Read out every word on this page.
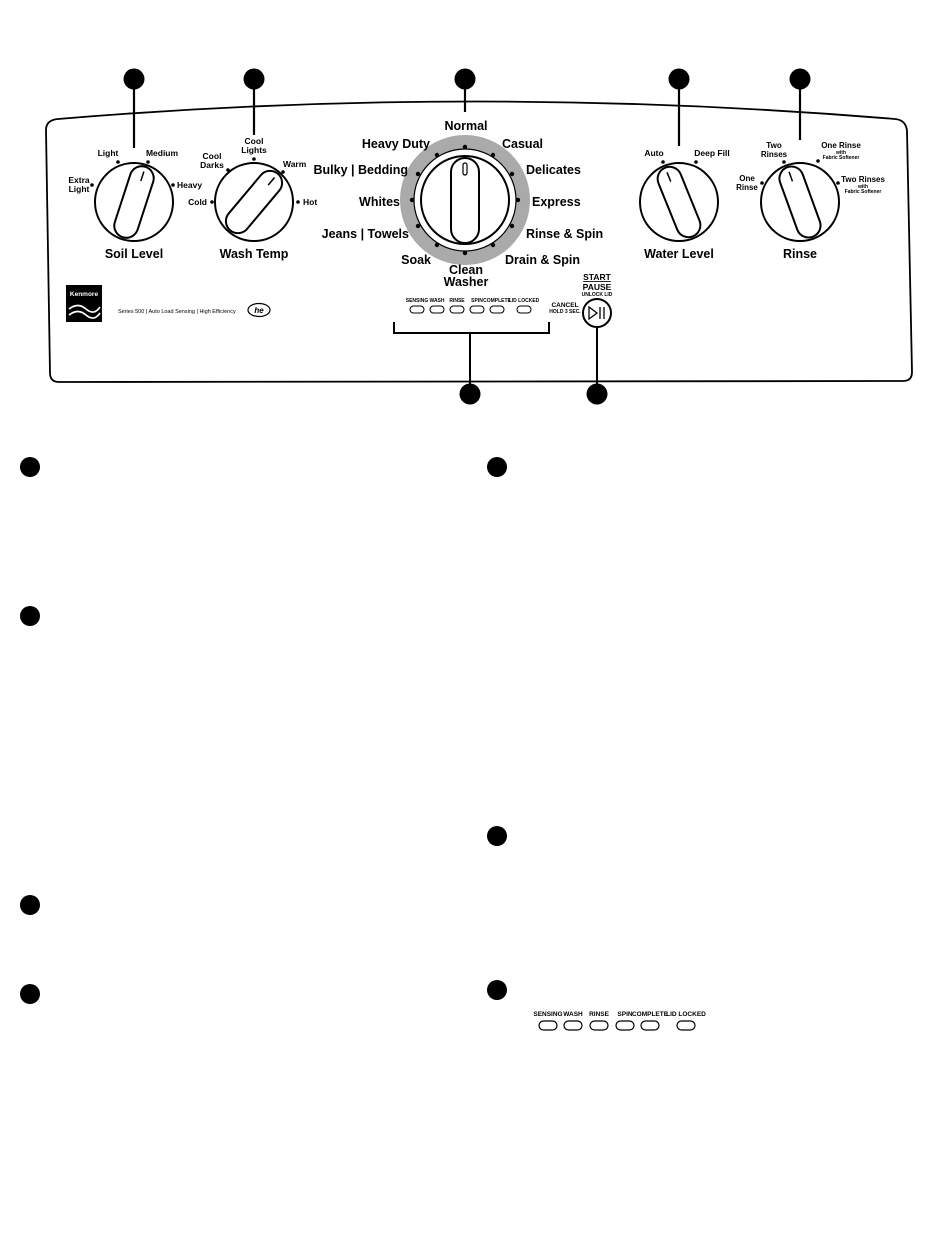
Extra
Light
Light	Medium
Heavy
Soil Level
Cool
Lights
Cool
Darks
Cold
Warm
Hot
Wash Temp
Normal
Heavy Duty	Casual
Bulky | Bedding	Delicates
Whites	Express
Jeans | Towels	Rinse & Spin
Soak	Drain & Spin
Clean
Washer
Auto	Deep Fill
Water Level
Two
Rinses
One Rinse
with
Fabric Softener
One
Rinse
Two Rinses
with
Fabric Softener
Rinse
Kenmore
Series 500 | Auto Load Sensing | High Efficiency he
SENSING WASH RINSE SPIN COMPLETE
LID LOCKED
START
PAUSE
UNLOCK LID
CANCEL
HOLD 3 SEC.
SENSING WASH RINSE SPIN COMPLETE
LID LOCKED
